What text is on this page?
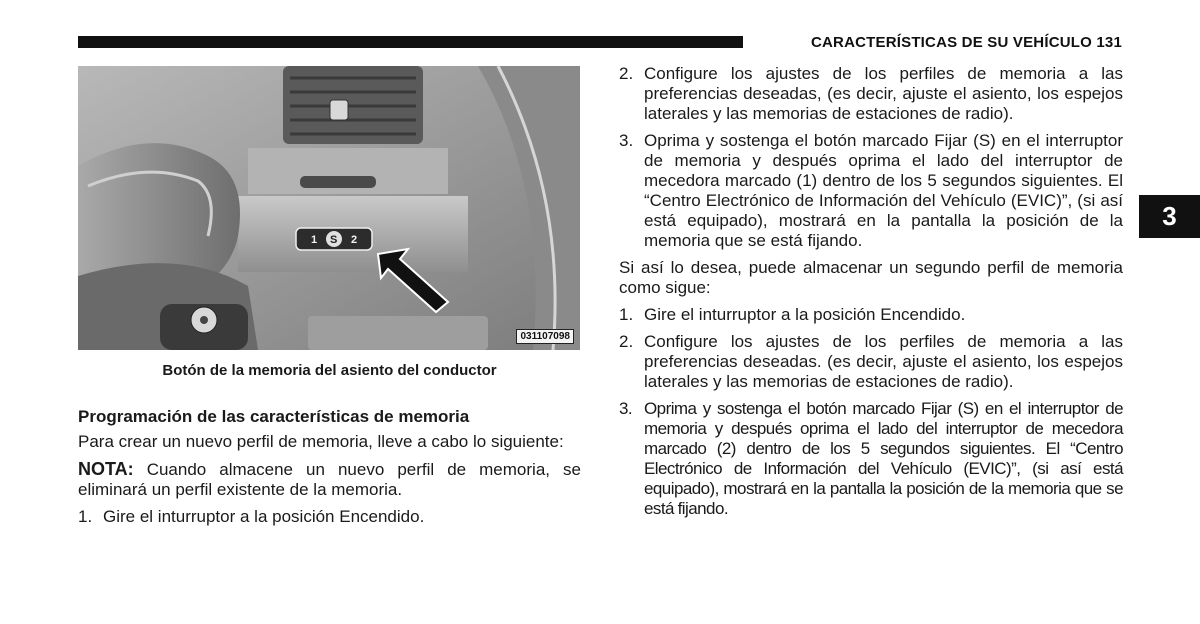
CARACTERÍSTICAS DE SU VEHÍCULO 131
3
1 S 2
031107098
Botón de la memoria del asiento del conductor
Programación de las características de memoria

Para crear un nuevo perfil de memoria, lleve a cabo lo siguiente:

NOTA: Cuando almacene un nuevo perfil de memoria, se eliminará un perfil existente de la memoria.

1. Gire el inturruptor a la posición Encendido.
2. Configure los ajustes de los perfiles de memoria a las preferencias deseadas, (es decir, ajuste el asiento, los espejos laterales y las memorias de estaciones de radio).
3. Oprima y sostenga el botón marcado Fijar (S) en el interruptor de memoria y después oprima el lado del interruptor de mecedora marcado (1) dentro de los 5 segundos siguientes. El “Centro Electrónico de Información del Vehículo (EVIC)”, (si así está equipado), mostrará en la pantalla la posición de la memoria que se está fijando.

Si así lo desea, puede almacenar un segundo perfil de memoria como sigue:

1. Gire el inturruptor a la posición Encendido.
2. Configure los ajustes de los perfiles de memoria a las preferencias deseadas. (es decir, ajuste el asiento, los espejos laterales y las memorias de estaciones de radio).
3. Oprima y sostenga el botón marcado Fijar (S) en el interruptor de memoria y después oprima el lado del interruptor de mecedora marcado (2) dentro de los 5 segundos siguientes. El “Centro Electrónico de Información del Vehículo (EVIC)”, (si así está equipado), mostrará en la pantalla la posición de la memoria que se está fijando.
